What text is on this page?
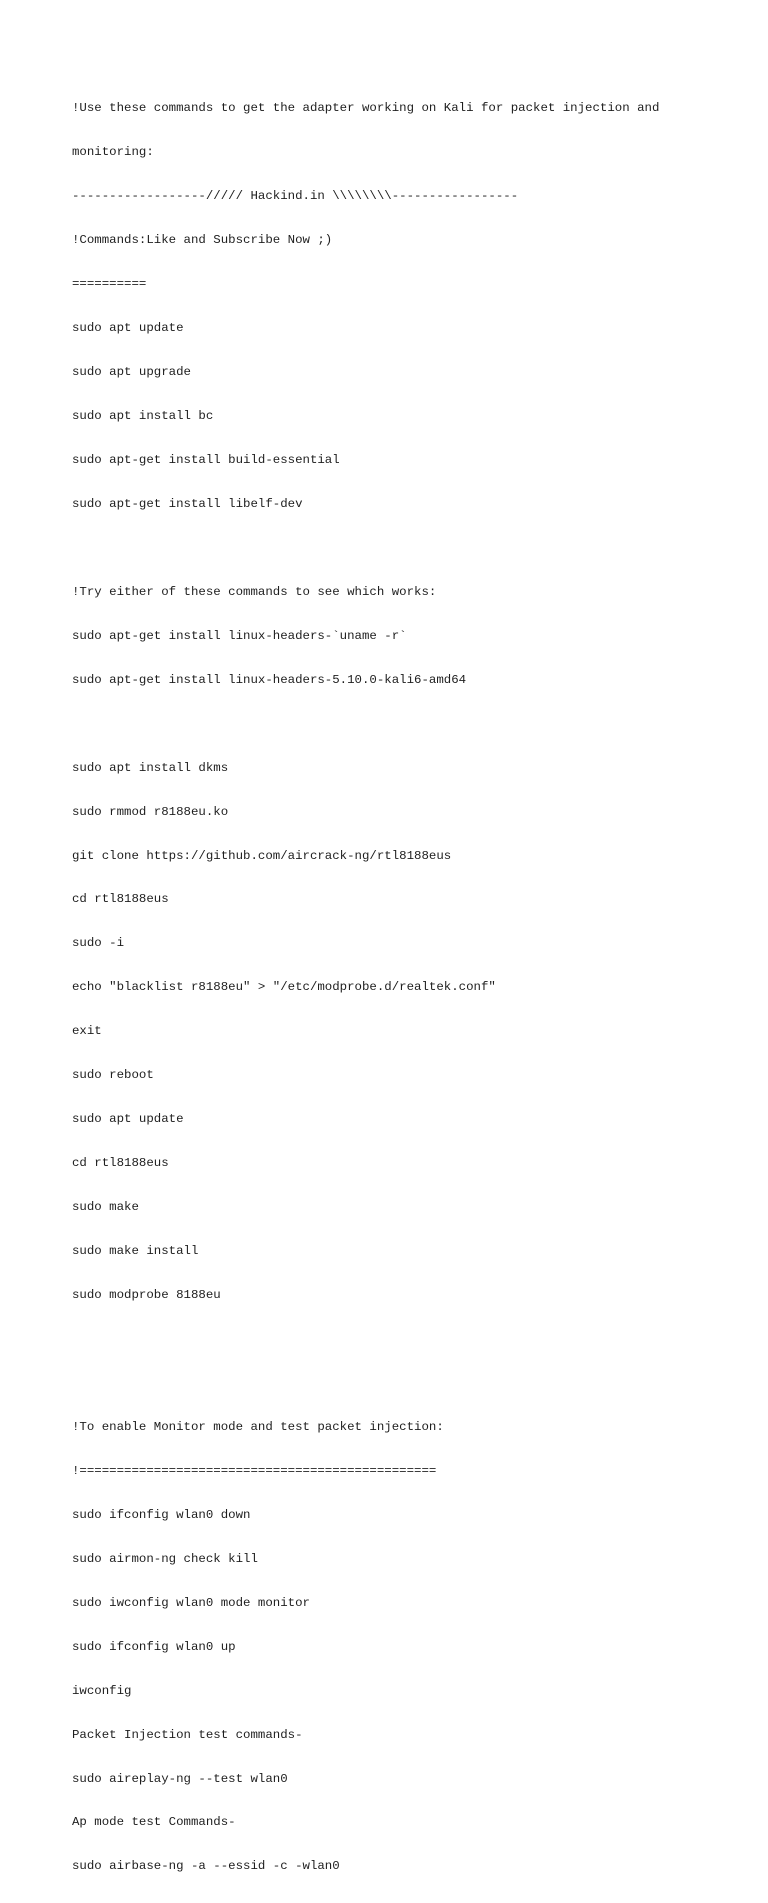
!Use these commands to get the adapter working on Kali for packet injection and

monitoring:

------------------///// Hackind.in \\\\\\\\-----------------

!Commands:Like and Subscribe Now ;)

==========

sudo apt update

sudo apt upgrade

sudo apt install bc

sudo apt-get install build-essential

sudo apt-get install libelf-dev

!Try either of these commands to see which works:

sudo apt-get install linux-headers-`uname -r`

sudo apt-get install linux-headers-5.10.0-kali6-amd64

sudo apt install dkms

sudo rmmod r8188eu.ko

git clone https://github.com/aircrack-ng/rtl8188eus

cd rtl8188eus

sudo -i

echo "blacklist r8188eu" > "/etc/modprobe.d/realtek.conf"

exit

sudo reboot

sudo apt update

cd rtl8188eus

sudo make

sudo make install

sudo modprobe 8188eu

!To enable Monitor mode and test packet injection:

!================================================

sudo ifconfig wlan0 down

sudo airmon-ng check kill

sudo iwconfig wlan0 mode monitor

sudo ifconfig wlan0 up

iwconfig

Packet Injection test commands-

sudo aireplay-ng --test wlan0

Ap mode test Commands-

sudo airbase-ng -a --essid -c -wlan0
